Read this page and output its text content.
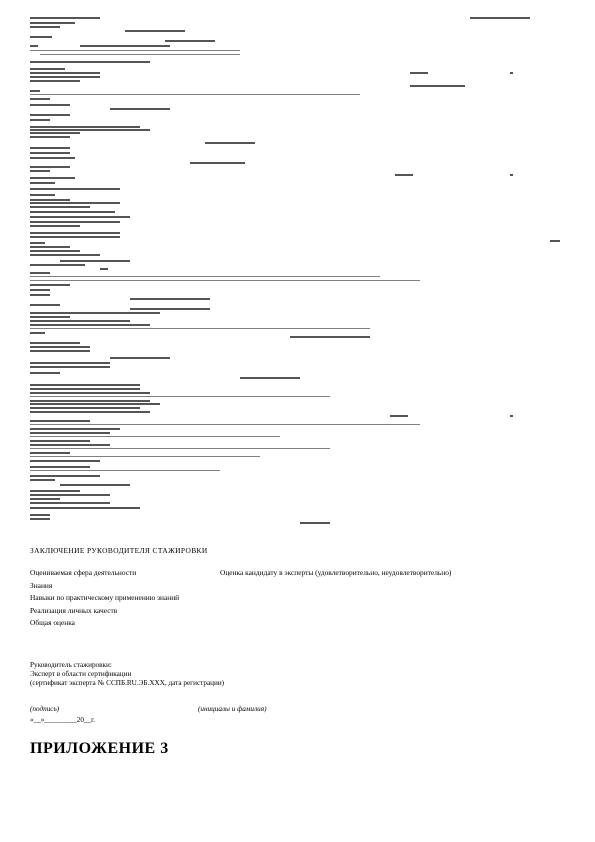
ЗАКЛЮЧЕНИЕ РУКОВОДИТЕЛЯ СТАЖИРОВКИ
Оцениваемая сфера деятельности	Оценка кандидату в эксперты (удовлетворительно, неудовлетворительно)
Знания
Навыки по практическому применению знаний
Реализация личных качеств
Общая оценка
Руководитель стажировки:
Эксперт в области сертификации
(сертификат эксперта № ССПБ.RU.ЭБ.XXX, дата регистрации)
(подпись)	(инициалы и фамилия)
«__»_________20__г.
ПРИЛОЖЕНИЕ 3
